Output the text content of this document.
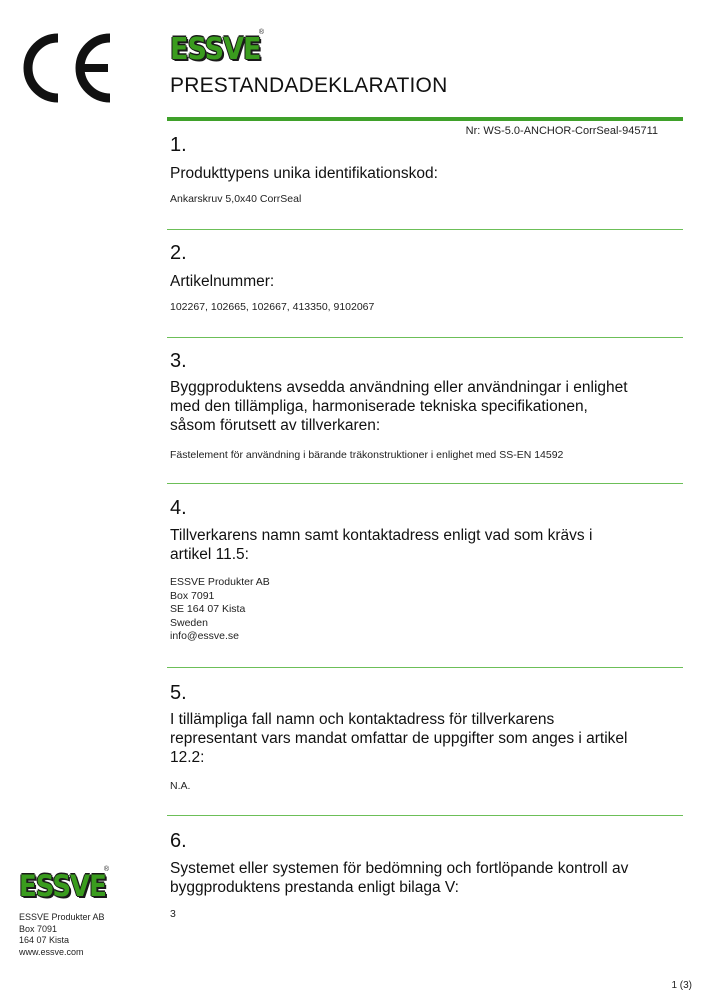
ESSVE
®
PRESTANDADEKLARATION
Nr: WS-5.0-ANCHOR-CorrSeal-945711
1.
Produkttypens unika identifikationskod:
Ankarskruv 5,0x40 CorrSeal
2.
Artikelnummer:
102267, 102665, 102667, 413350, 9102067
3.
Byggproduktens avsedda användning eller användningar i enlighet
med den tillämpliga, harmoniserade tekniska specifikationen,
såsom förutsett av tillverkaren:
Fästelement för användning i bärande träkonstruktioner i enlighet med SS-EN 14592
4.
Tillverkarens namn samt kontaktadress enligt vad som krävs i
artikel 11.5:
ESSVE Produkter AB
Box 7091
SE 164 07 Kista
Sweden
info@essve.se
5.
I tillämpliga fall namn och kontaktadress för tillverkarens
representant vars mandat omfattar de uppgifter som anges i artikel
12.2:
N.A.
6.
Systemet eller systemen för bedömning och fortlöpande kontroll av
byggproduktens prestanda enligt bilaga V:
3
ESSVE
®
ESSVE Produkter AB
Box 7091
164 07 Kista
www.essve.com
1 (3)
